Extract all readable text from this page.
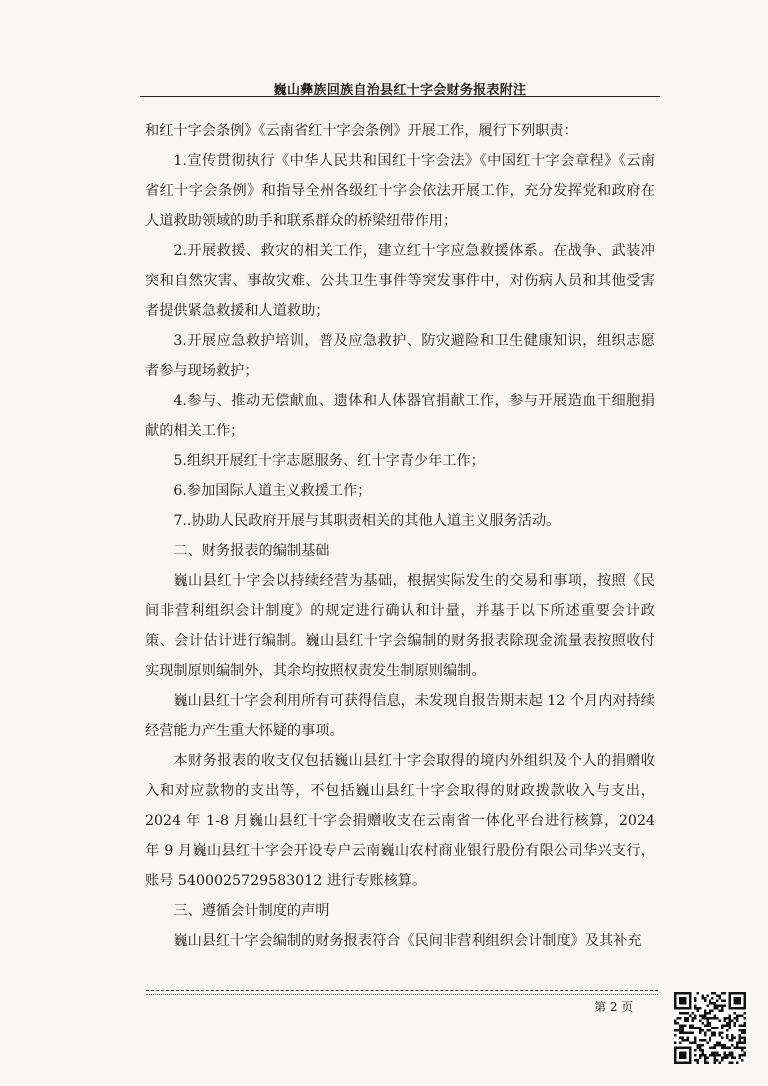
巍山彝族回族自治县红十字会财务报表附注

和红十字会条例》《云南省红十字会条例》开展工作，履行下列职责：

1.宣传贯彻执行《中华人民共和国红十字会法》《中国红十字会章程》《云南省红十字会条例》和指导全州各级红十字会依法开展工作，充分发挥党和政府在人道救助领域的助手和联系群众的桥梁纽带作用；

2.开展救援、救灾的相关工作，建立红十字应急救援体系。在战争、武装冲突和自然灾害、事故灾难、公共卫生事件等突发事件中，对伤病人员和其他受害者提供紧急救援和人道救助；

3.开展应急救护培训，普及应急救护、防灾避险和卫生健康知识，组织志愿者参与现场救护；

4.参与、推动无偿献血、遗体和人体器官捐献工作，参与开展造血干细胞捐献的相关工作；

5.组织开展红十字志愿服务、红十字青少年工作；

6.参加国际人道主义救援工作；

7..协助人民政府开展与其职责相关的其他人道主义服务活动。

二、财务报表的编制基础

巍山县红十字会以持续经营为基础，根据实际发生的交易和事项，按照《民间非营利组织会计制度》的规定进行确认和计量，并基于以下所述重要会计政策、会计估计进行编制。巍山县红十字会编制的财务报表除现金流量表按照收付实现制原则编制外，其余均按照权责发生制原则编制。

巍山县红十字会利用所有可获得信息，未发现自报告期末起 12 个月内对持续经营能力产生重大怀疑的事项。

本财务报表的收支仅包括巍山县红十字会取得的境内外组织及个人的捐赠收入和对应款物的支出等，不包括巍山县红十字会取得的财政拨款收入与支出，2024 年 1-8 月巍山县红十字会捐赠收支在云南省一体化平台进行核算，2024 年 9 月巍山县红十字会开设专户云南巍山农村商业银行股份有限公司华兴支行，账号 5400025729583012 进行专账核算。

三、遵循会计制度的声明

巍山县红十字会编制的财务报表符合《民间非营利组织会计制度》及其补充

第 2 页
